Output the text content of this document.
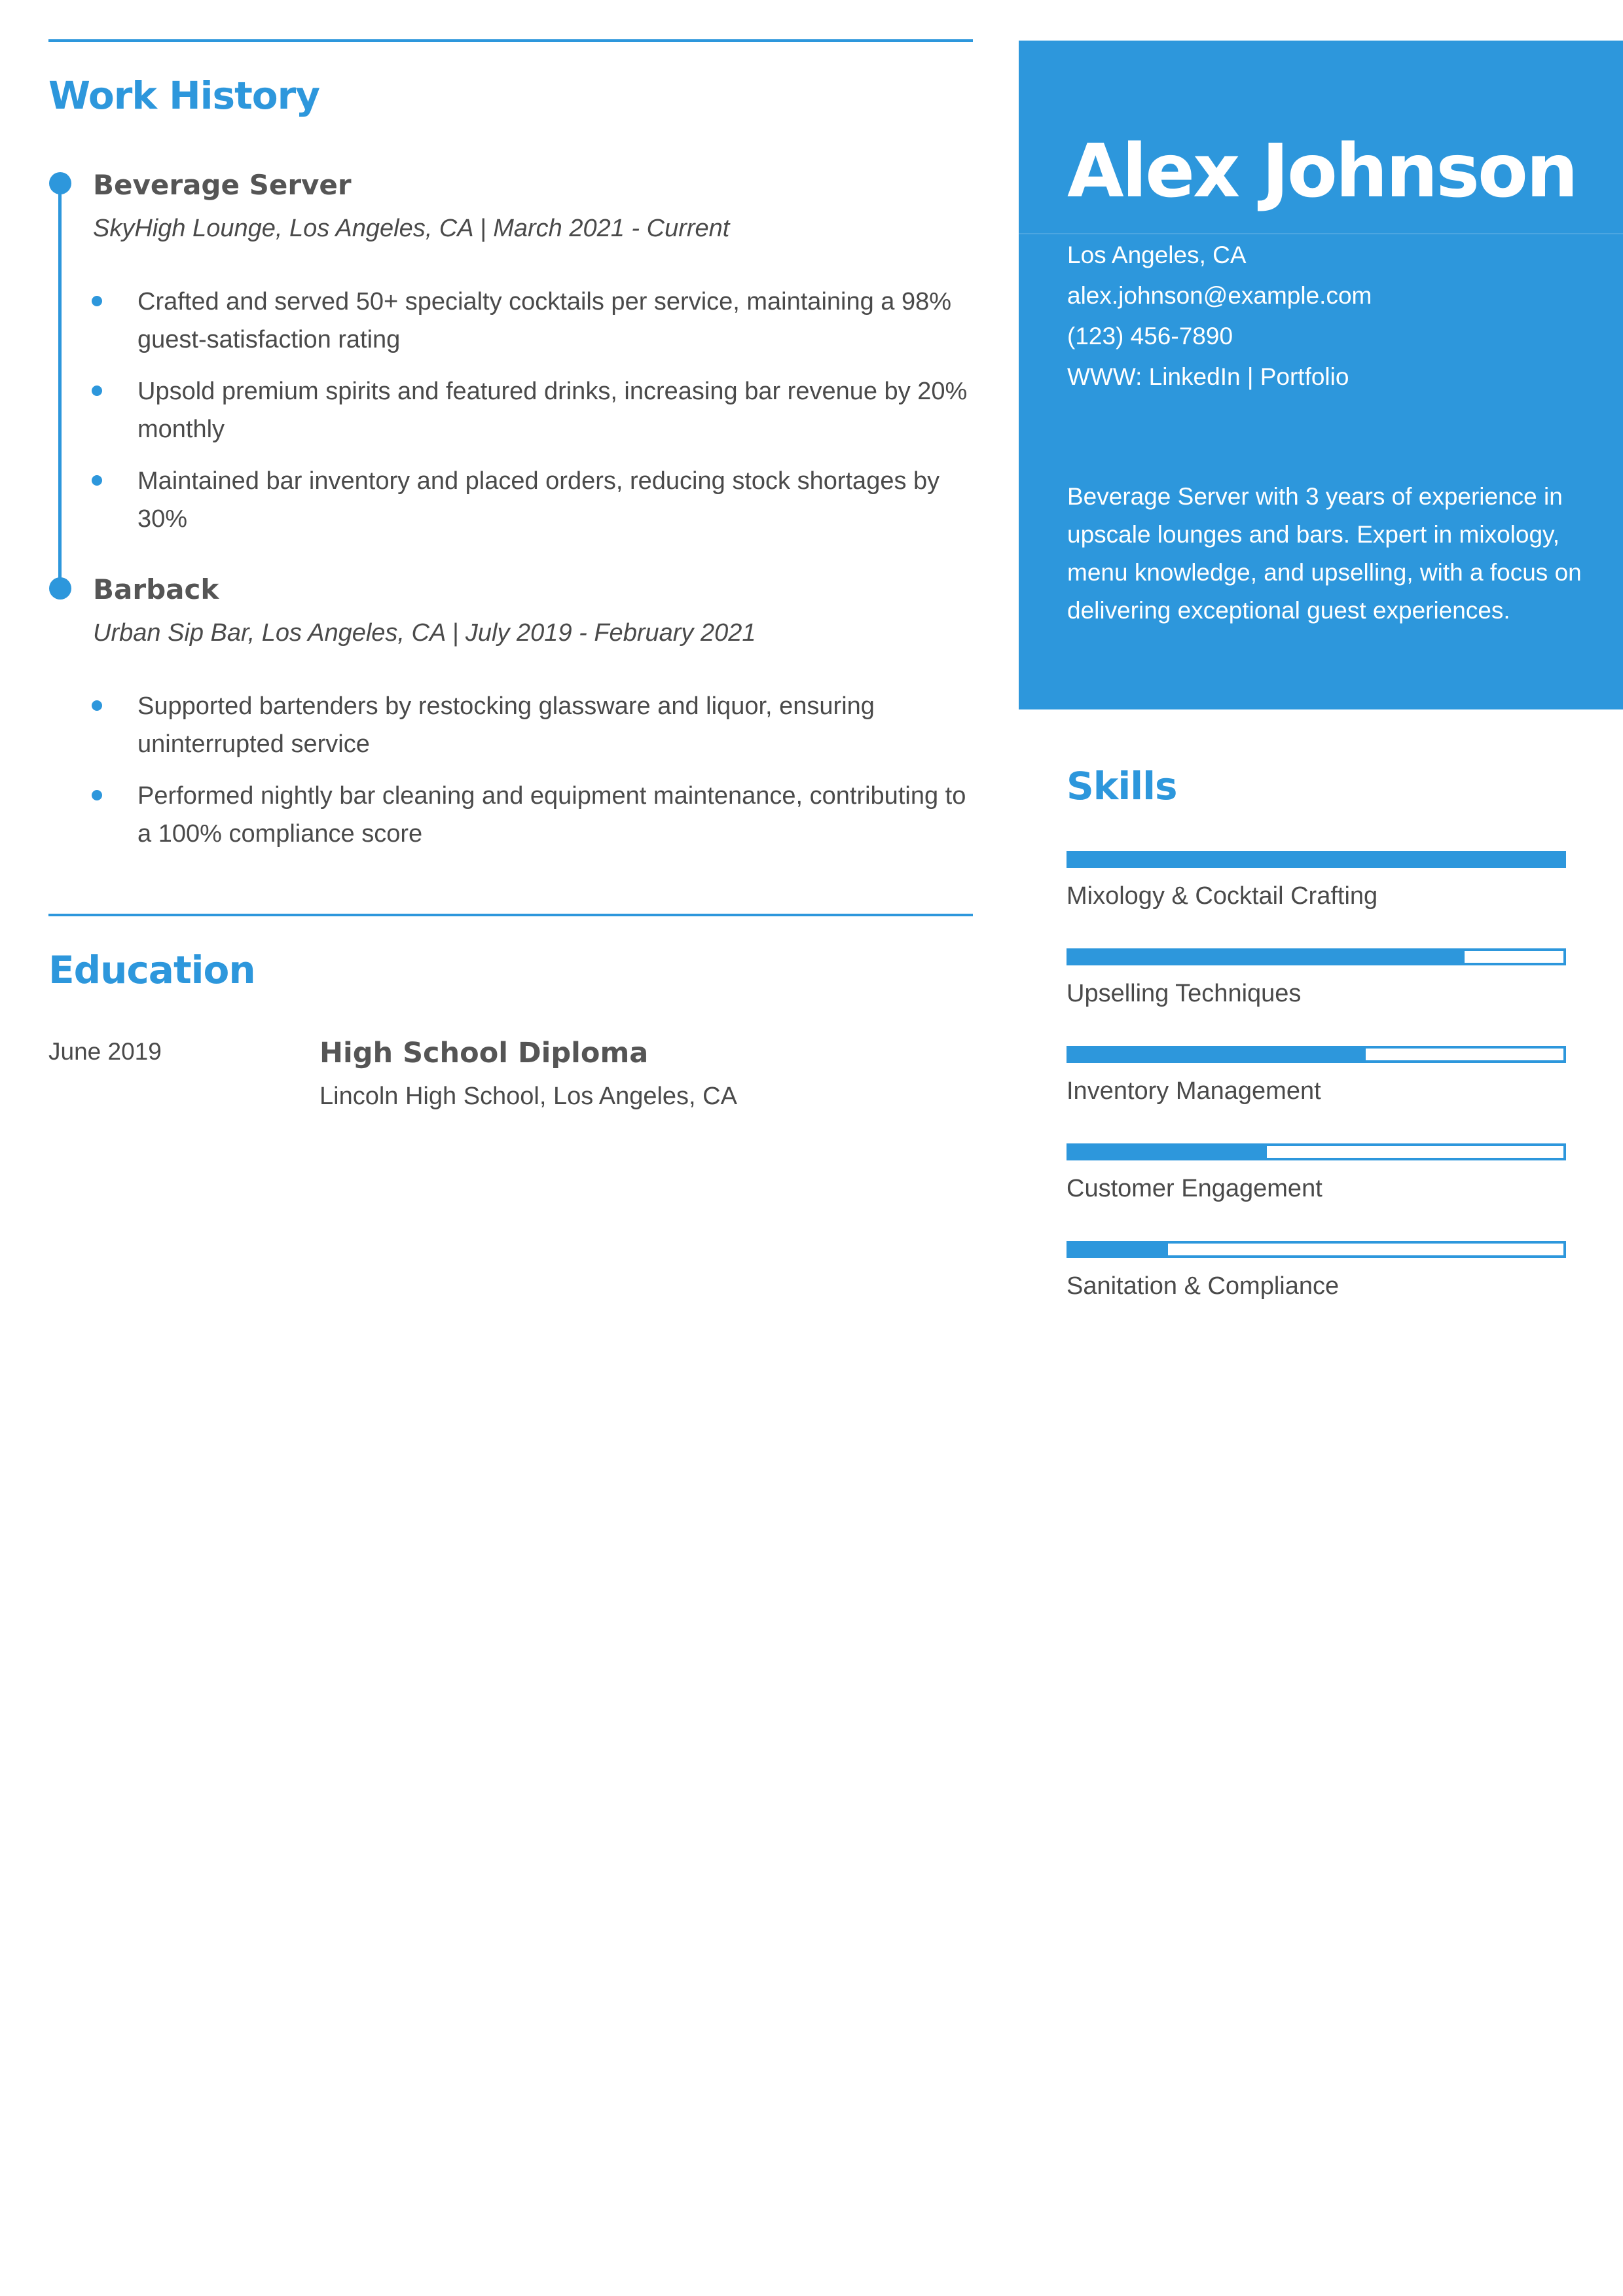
Work History
Beverage Server

SkyHigh Lounge, Los Angeles, CA | March 2021 - Current

Crafted and served 50+ specialty cocktails per service, maintaining a 98% guest-satisfaction rating
Upsold premium spirits and featured drinks, increasing bar revenue by 20% monthly
Maintained bar inventory and placed orders, reducing stock shortages by 30%
Barback

Urban Sip Bar, Los Angeles, CA | July 2019 - February 2021

Supported bartenders by restocking glassware and liquor, ensuring uninterrupted service
Performed nightly bar cleaning and equipment maintenance, contributing to a 100% compliance score
Education

June 2019	High School Diploma

Lincoln High School, Los Angeles, CA

Alex Johnson

Los Angeles, CA

alex.johnson@example.com

(123) 456-7890

WWW: LinkedIn | Portfolio

Beverage Server with 3 years of experience in upscale lounges and bars. Expert in mixology, menu knowledge, and upselling, with a focus on delivering exceptional guest experiences.

Skills

Mixology & Cocktail Crafting

Upselling Techniques

Inventory Management

Customer Engagement

Sanitation & Compliance
